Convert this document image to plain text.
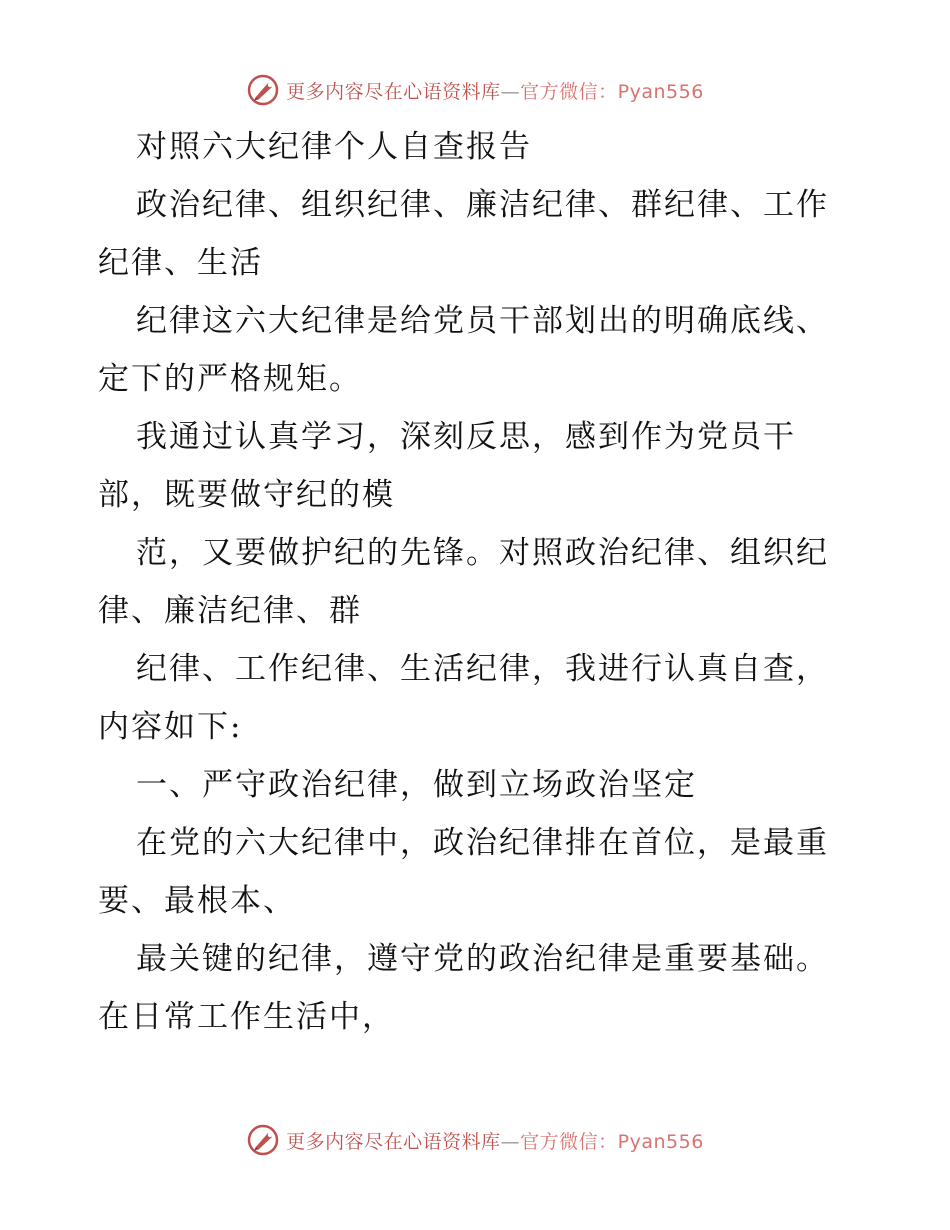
更多内容尽在心语资料库—官方微信：Pyan556

对照六大纪律个人自查报告

政治纪律、组织纪律、廉洁纪律、群纪律、工作纪律、生活

纪律这六大纪律是给党员干部划出的明确底线、定下的严格规矩。

我通过认真学习，深刻反思，感到作为党员干部，既要做守纪的模

范，又要做护纪的先锋。对照政治纪律、组织纪律、廉洁纪律、群

纪律、工作纪律、生活纪律，我进行认真自查，内容如下:

一、严守政治纪律，做到立场政治坚定

在党的六大纪律中，政治纪律排在首位，是最重要、最根本、

最关键的纪律，遵守党的政治纪律是重要基础。在日常工作生活中，

更多内容尽在心语资料库—官方微信：Pyan556
